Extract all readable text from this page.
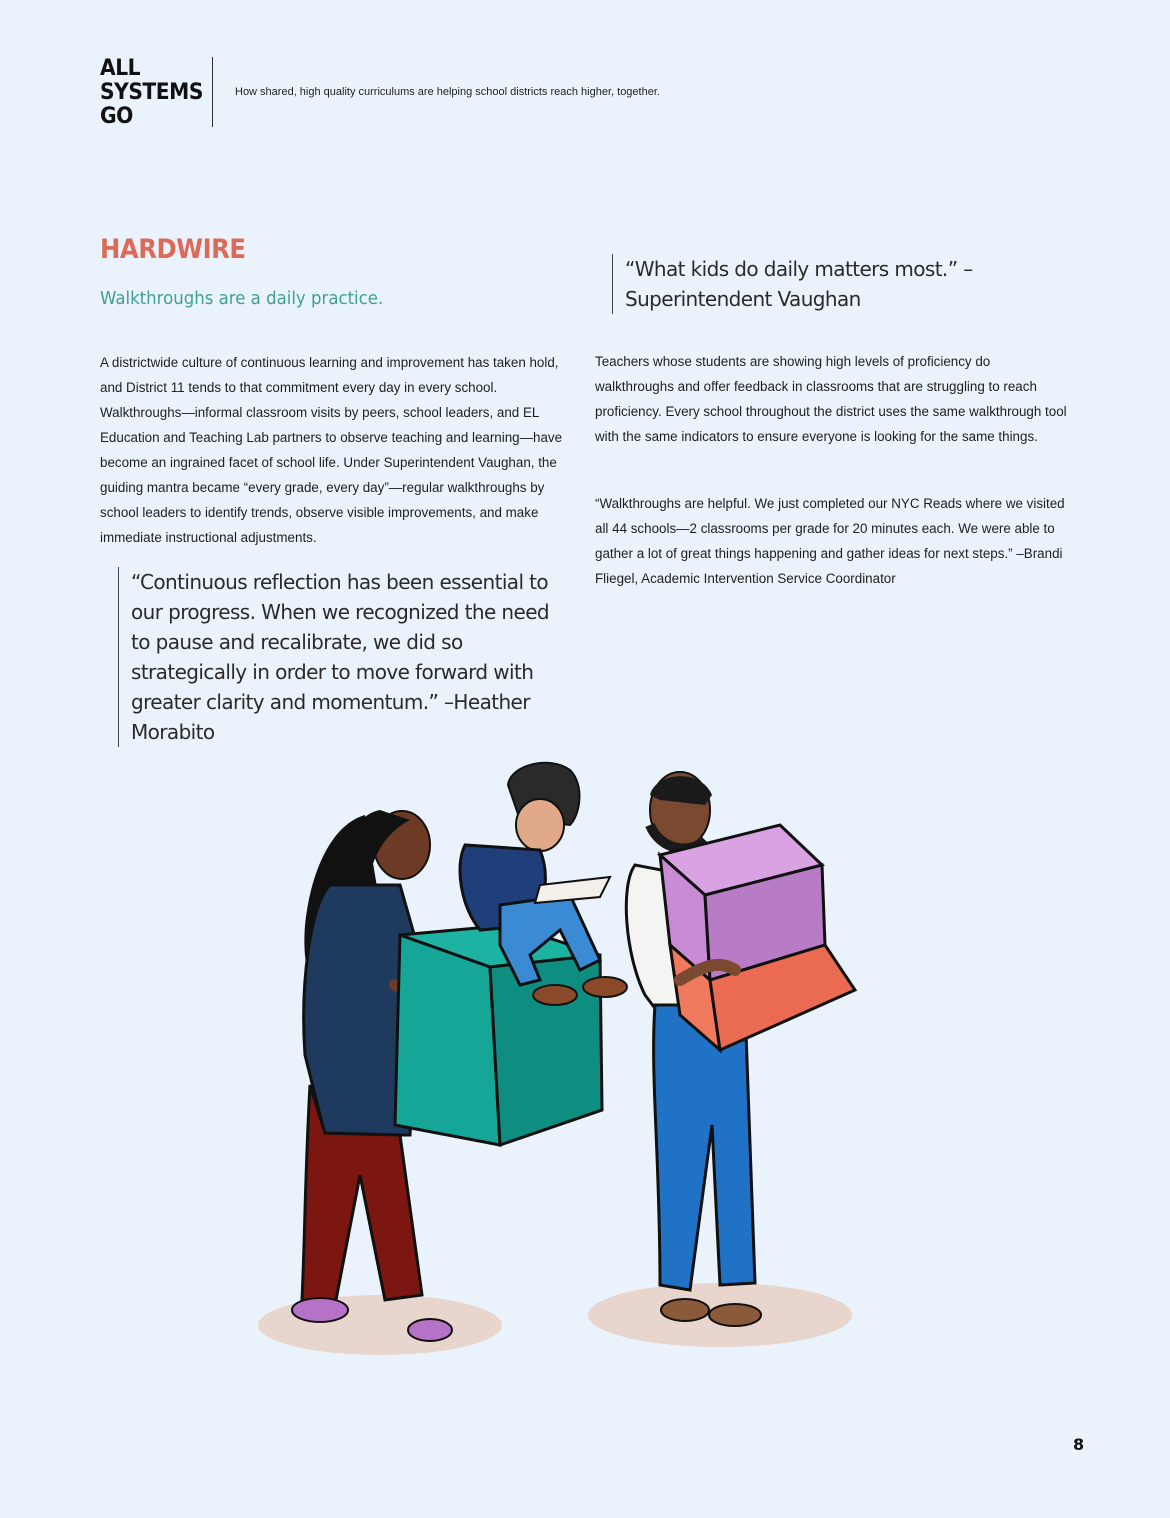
ALL
SYSTEMS
GO
How shared, high quality curriculums are helping school districts reach higher, together.
HARDWIRE
Walkthroughs are a daily practice.
“What kids do daily matters most.” –Superintendent Vaughan

A districtwide culture of continuous learning and improvement has taken hold, and District 11 tends to that commitment every day in every school. Walkthroughs—informal classroom visits by peers, school leaders, and EL Education and Teaching Lab partners to observe teaching and learning—have become an ingrained facet of school life. Under Superintendent Vaughan, the guiding mantra became “every grade, every day”—regular walkthroughs by school leaders to identify trends, observe visible improvements, and make immediate instructional adjustments.

Teachers whose students are showing high levels of proficiency do walkthroughs and offer feedback in classrooms that are struggling to reach proficiency. Every school throughout the district uses the same walkthrough tool with the same indicators to ensure everyone is looking for the same things.

“Walkthroughs are helpful. We just completed our NYC Reads where we visited all 44 schools—2 classrooms per grade for 20 minutes each. We were able to gather a lot of great things happening and gather ideas for next steps.” –Brandi Fliegel, Academic Intervention Service Coordinator

“Continuous reflection has been essential to our progress. When we recognized the need to pause and recalibrate, we did so strategically in order to move forward with greater clarity and momentum.” –Heather Morabito
8
